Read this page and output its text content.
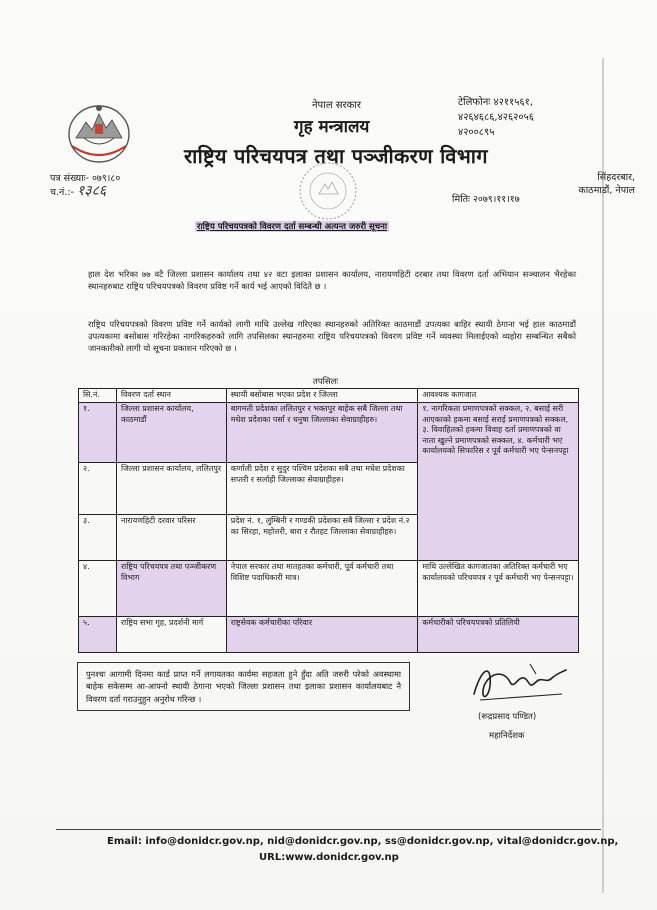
नेपाल सरकार
गृह मन्त्रालय
राष्ट्रिय परिचयपत्र तथा पञ्जीकरण विभाग
टेलिफोनः ४२११५६१,
४२६४६८६,४२६२०५६
४२००८९५
सिंहदरबार,
काठमाडौं, नेपाल
मितिः २०७९।११।१७
पत्र संख्याः- ०७९।८०
च.नं.:- १३८६
राष्ट्रिय परिचयपत्रको विवरण दर्ता सम्बन्धी अत्यन्त जरुरी सूचना
हाल देश भरिका ७७ वटै जिल्ला प्रशासन कार्यालय तथा ४२ वटा इलाका प्रशासन कार्यालय, नारायणहिटी दरबार तथा विवरण दर्ता अभियान सञ्चालन भैरहेका स्थानहरुबाट राष्ट्रिय परिचयपत्रको विवरण प्रविष्ट गर्ने कार्य भई आएको विदितै छ ।
राष्ट्रिय परिचयपत्रको विवरण प्रविष्ट गर्ने कार्यको लागी माथि उल्लेख गरिएका स्थानहरुको अतिरिक्त काठमाडौं उपत्यका बाहिर स्थायी ठेगाना भई हाल काठमाडौं उपत्यकामा बसोबास गरिरहेका नागरिकहरुको लागि तपसिलका स्थानहरुमा राष्ट्रिय परिचयपत्रको विवरण प्रविष्ट गर्ने व्यवस्था मिलाईएको व्यहोरा सम्बन्धित सबैको जानकारीको लागी यो सूचना प्रकाशन गरिएको छ ।
तपसिलः
सि.नं.	विवरण दर्ता स्थान	स्थायी बसोबास भएका प्रदेश र जिल्ला	आवश्यक कागजात
१.	जिल्ला प्रशासन कार्यालय, काठमाडौं	बागमती प्रदेशका ललितपुर र भक्तपुर बाहेक सबै जिल्ला तथा मधेश प्रदेशका पर्सा र धनुषा जिल्लाका सेवाग्राहीहरु।	१. नागरिकता प्रमाणपत्रको सक्कल, २. बसाई सरी आएकाको हकमा बसाई सराई प्रमाणपत्रको सक्कल, ३. विवाहितको हकमा विवाह दर्ता प्रमाणपत्रको वा नाता खुल्ने प्रमाणपत्रको सक्कल, ४. कर्मचारी भए कार्यालयको सिफारिस र पूर्व कर्मचारी भए पेन्सनपट्टा
२.	जिल्ला प्रशासन कार्यालय, ललितपुर	कर्णाली प्रदेश र सुदुर पश्चिम प्रदेशका सबै तथा मधेश प्रदेशका सप्तरी र सर्लाही जिल्लाका सेवाग्राहीहरु।	
३.	नारायणहिटी दरवार परिसर	प्रदेश नं. १, लुम्बिनी र गण्डकी प्रदेशका सबै जिल्ला र प्रदेश नं.२ का सिरहा, महोत्तरी, बारा र रौतहट जिल्लाका सेवाग्राहीहरु।	
४.	राष्ट्रिय परिचयपत्र तथा पञ्जीकरण विभाग	नेपाल सरकार तथा मातहतका कर्मचारी, पूर्व कर्मचारी तथा विशिष्ट पदाधिकारी मात्र।	माथि उल्लेखित कागजातका अतिरिक्त कर्मचारी भए कार्यालयको परिचयपत्र र पूर्व कर्मचारी भए पेन्सनपट्टा।
५.	राष्ट्रिय सभा गृह, प्रदर्शनी मार्ग	राष्ट्रसेवक कर्मचारीका परिवार	कर्मचारीको परिचयपत्रको प्रतिलिपी
पुनश्चः आगामी दिनमा कार्ड प्राप्त गर्ने लगायतका कार्यमा सहजता हुने हुँदा अति जरुरी परेको अवस्थामा बाहेक सकेसम्म आ-आफ्नो स्थायी ठेगाना भएको जिल्ला प्रशासन तथा इलाका प्रशासन कार्यालयबाट नै विवरण दर्ता गराउनुहुन अनुरोध गरिन्छ ।
(रूद्रप्रसाद पण्डित)
महानिर्देशक
Email: info@donidcr.gov.np, nid@donidcr.gov.np, ss@donidcr.gov.np, vital@donidcr.gov.np,
URL:www.donidcr.gov.np
